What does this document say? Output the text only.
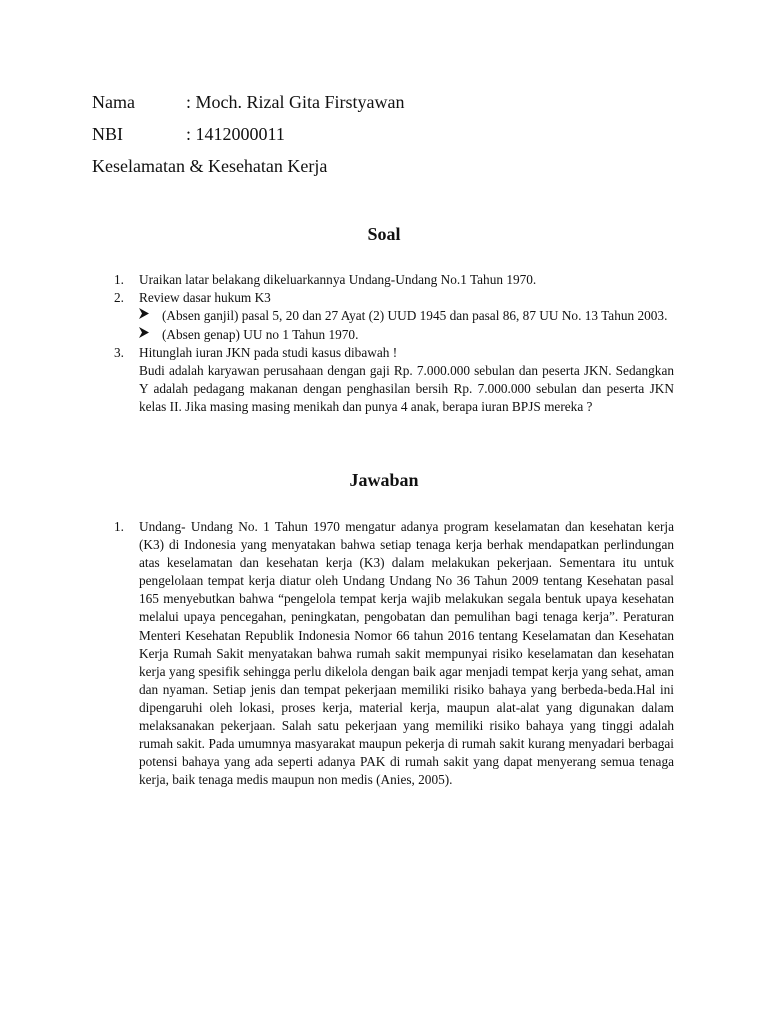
Nama	: Moch. Rizal Gita Firstyawan
NBI	: 1412000011
Keselamatan & Kesehatan Kerja
Soal
1.	Uraikan latar belakang dikeluarkannya Undang-Undang No.1 Tahun 1970.

2.	Review dasar hukum K3

(Absen ganjil) pasal 5, 20 dan 27 Ayat (2) UUD 1945 dan pasal 86, 87 UU No. 13 Tahun 2003.
(Absen genap) UU no 1 Tahun 1970.
3.	Hitunglah iuran JKN pada studi kasus dibawah !

Budi adalah karyawan perusahaan dengan gaji Rp. 7.000.000 sebulan dan peserta JKN. Sedangkan Y adalah pedagang makanan dengan penghasilan bersih Rp. 7.000.000 sebulan dan peserta JKN kelas II. Jika masing masing menikah dan punya 4 anak, berapa iuran BPJS mereka ?

Jawaban
1.	Undang- Undang No. 1 Tahun 1970 mengatur adanya program keselamatan dan kesehatan kerja (K3) di Indonesia yang menyatakan bahwa setiap tenaga kerja berhak mendapatkan perlindungan atas keselamatan dan kesehatan kerja (K3) dalam melakukan pekerjaan. Sementara itu untuk pengelolaan tempat kerja diatur oleh Undang Undang No 36 Tahun 2009 tentang Kesehatan pasal 165 menyebutkan bahwa “pengelola tempat kerja wajib melakukan segala bentuk upaya kesehatan melalui upaya pencegahan, peningkatan, pengobatan dan pemulihan bagi tenaga kerja”. Peraturan Menteri Kesehatan Republik Indonesia Nomor 66 tahun 2016 tentang Keselamatan dan Kesehatan Kerja Rumah Sakit menyatakan bahwa rumah sakit mempunyai risiko keselamatan dan kesehatan kerja yang spesifik sehingga perlu dikelola dengan baik agar menjadi tempat kerja yang sehat, aman dan nyaman. Setiap jenis dan tempat pekerjaan memiliki risiko bahaya yang berbeda-beda.Hal ini dipengaruhi oleh lokasi, proses kerja, material kerja, maupun alat-alat yang digunakan dalam melaksanakan pekerjaan. Salah satu pekerjaan yang memiliki risiko bahaya yang tinggi adalah rumah sakit. Pada umumnya masyarakat maupun pekerja di rumah sakit kurang menyadari berbagai potensi bahaya yang ada seperti adanya PAK di rumah sakit yang dapat menyerang semua tenaga kerja, baik tenaga medis maupun non medis (Anies, 2005).
